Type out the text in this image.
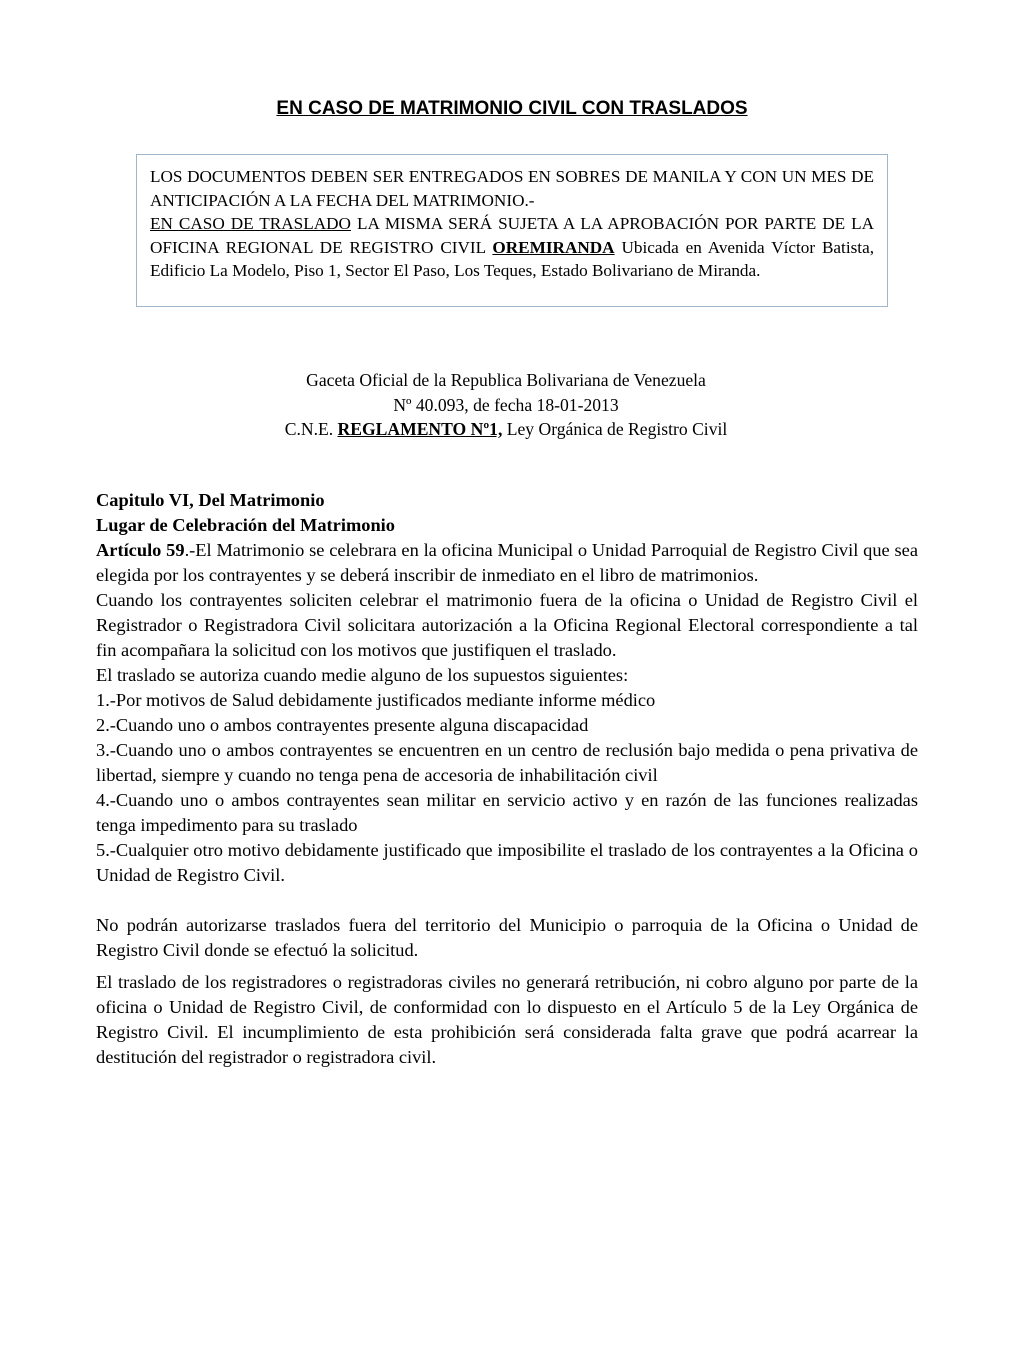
EN CASO DE MATRIMONIO CIVIL CON TRASLADOS
LOS DOCUMENTOS DEBEN SER ENTREGADOS EN SOBRES DE MANILA Y CON UN MES DE ANTICIPACIÓN A LA FECHA DEL MATRIMONIO.-
EN CASO DE TRASLADO LA MISMA SERÁ SUJETA A LA APROBACIÓN POR PARTE DE LA OFICINA REGIONAL DE REGISTRO CIVIL OREMIRANDA Ubicada en Avenida Víctor Batista, Edificio La Modelo, Piso 1, Sector El Paso, Los Teques, Estado Bolivariano de Miranda.
Gaceta Oficial de la Republica Bolivariana de Venezuela
Nº 40.093, de fecha 18-01-2013
C.N.E. REGLAMENTO Nº1, Ley Orgánica de Registro Civil

Capitulo VI, Del Matrimonio

Lugar de Celebración del Matrimonio

Artículo 59.-El Matrimonio se celebrara en la oficina Municipal o Unidad Parroquial de Registro Civil que sea elegida por los contrayentes y se deberá inscribir de inmediato en el libro de matrimonios.

Cuando los contrayentes soliciten celebrar el matrimonio fuera de la oficina o Unidad de Registro Civil el Registrador o Registradora Civil solicitara autorización a la Oficina Regional Electoral correspondiente a tal fin acompañara la solicitud con los motivos que justifiquen el traslado.

El traslado se autoriza cuando medie alguno de los supuestos siguientes:

1.-Por motivos de Salud debidamente justificados mediante informe médico

2.-Cuando uno o ambos contrayentes presente alguna discapacidad

3.-Cuando uno o ambos contrayentes se encuentren en un centro de reclusión bajo medida o pena privativa de libertad, siempre y cuando no tenga pena de accesoria de inhabilitación civil

4.-Cuando uno o ambos contrayentes sean militar en servicio activo y en razón de las funciones realizadas tenga impedimento para su traslado

5.-Cualquier otro motivo debidamente justificado que imposibilite el traslado de los contrayentes a la Oficina o Unidad de Registro Civil.

No podrán autorizarse traslados fuera del territorio del Municipio o parroquia de la Oficina o Unidad de Registro Civil donde se efectuó la solicitud.

El traslado de los registradores o registradoras civiles no generará retribución, ni cobro alguno por parte de la oficina o Unidad de Registro Civil, de conformidad con lo dispuesto en el Artículo 5 de la Ley Orgánica de Registro Civil. El incumplimiento de esta prohibición será considerada falta grave que podrá acarrear la destitución del registrador o registradora civil.
